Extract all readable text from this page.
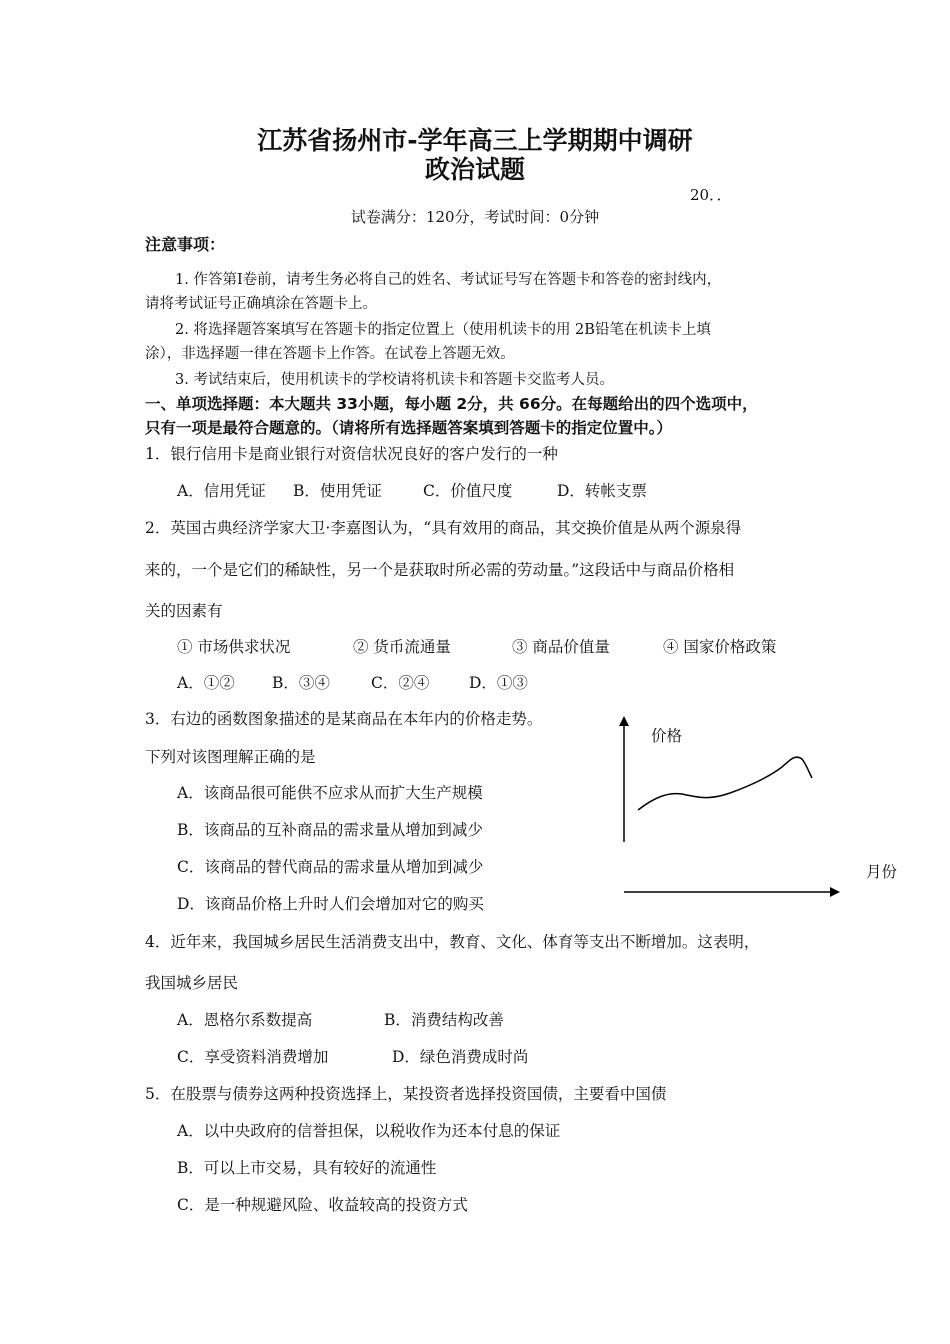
江苏省扬州市-学年高三上学期期中调研
政治试题
20．．
试卷满分：120分，考试时间：0分钟
注意事项：
1. 作答第Ⅰ卷前，请考生务必将自己的姓名、考试证号写在答题卡和答卷的密封线内，
请将考试证号正确填涂在答题卡上。
2. 将选择题答案填写在答题卡的指定位置上（使用机读卡的用 2B铅笔在机读卡上填
涂），非选择题一律在答题卡上作答。在试卷上答题无效。
3. 考试结束后，使用机读卡的学校请将机读卡和答题卡交监考人员。
一、单项选择题：本大题共 33小题，每小题 2分，共 66分。在每题给出的四个选项中，
只有一项是最符合题意的。（请将所有选择题答案填到答题卡的指定位置中。）
1．银行信用卡是商业银行对资信状况良好的客户发行的一种
A．信用凭证 B．使用凭证	C．价值尺度	D．转帐支票
2．英国古典经济学家大卫·李嘉图认为，“具有效用的商品，其交换价值是从两个源泉得
来的，一个是它们的稀缺性，另一个是获取时所必需的劳动量。”这段话中与商品价格相
关的因素有
① 市场供求状况	② 货币流通量	③ 商品价值量	④ 国家价格政策
A．①② B．③④	C．②④	D．①③
3．右边的函数图象描述的是某商品在本年内的价格走势。
下列对该图理解正确的是
A．该商品很可能供不应求从而扩大生产规模
B．该商品的互补商品的需求量从增加到减少
C．该商品的替代商品的需求量从增加到减少
D．该商品价格上升时人们会增加对它的购买
价格
月份
4．近年来，我国城乡居民生活消费支出中，教育、文化、体育等支出不断增加。这表明，
我国城乡居民
A．恩格尔系数提高	B．消费结构改善
C．享受资料消费增加	D．绿色消费成时尚
5．在股票与债券这两种投资选择上，某投资者选择投资国债，主要看中国债
A．以中央政府的信誉担保，以税收作为还本付息的保证
B．可以上市交易，具有较好的流通性
C．是一种规避风险、收益较高的投资方式
